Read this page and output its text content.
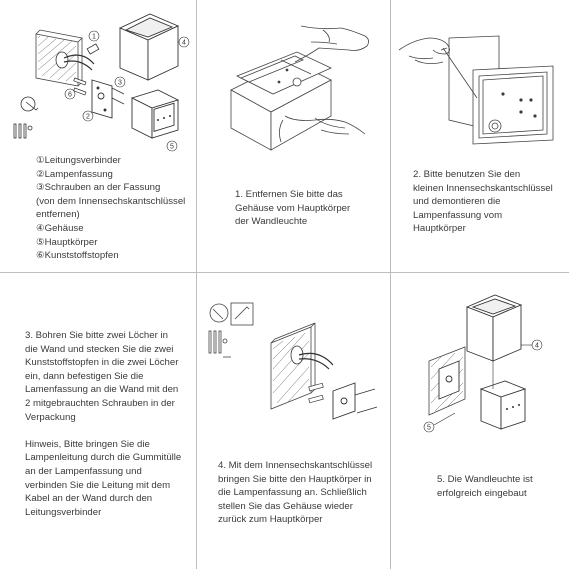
1
4
6
2
3
5

①Leitungsverbinder

②Lampenfassung

③Schrauben an der Fassung

(von dem Innensechskantschlüssel

entfernen)

④Gehäuse

⑤Hauptkörper

⑥Kunststoffstopfen

1. Entfernen Sie bitte das

Gehäuse vom Hauptkörper

der Wandleuchte

2. Bitte benutzen Sie den

kleinen Innensechskantschlüssel

und demontieren die

Lampenfassung vom

Hauptkörper

3. Bohren Sie bitte zwei Löcher in

die Wand und stecken Sie die zwei

Kunststoffstopfen in die zwei Löcher

ein, dann befestigen Sie die

Lamenfassung an die Wand mit den

2 mitgebrauchten Schrauben in der

Verpackung

Hinweis, Bitte bringen Sie die

Lampenleitung durch die Gummitülle

an der Lampenfassung und

verbinden Sie die Leitung mit dem

Kabel an der Wand durch den

Leitungsverbinder

4. Mit dem Innensechskantschlüssel

bringen Sie bitte den Hauptkörper in

die Lampenfassung an. Schließlich

stellen Sie das Gehäuse wieder

zurück zum Hauptkörper

4
5

5. Die Wandleuchte ist

erfolgreich eingebaut
